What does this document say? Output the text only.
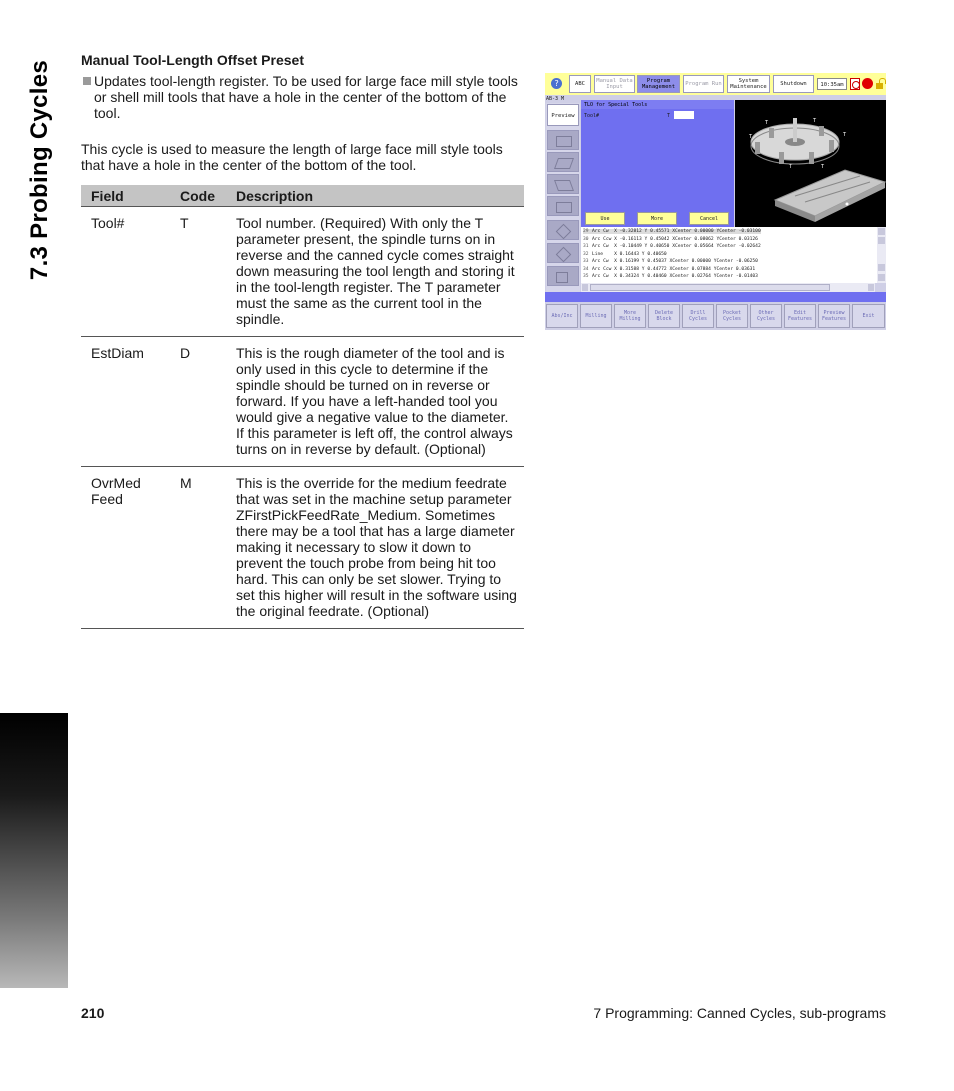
7.3 Probing Cycles Manual Tool-Length Offset Preset
Updates tool-length register. To be used for large face mill style tools or shell mill tools that have a hole in the center of the bottom of the tool.
This cycle is used to measure the length of large face mill style tools that have a hole in the center of the bottom of the tool.
Field	Code	Description
Tool#	T	Tool number. (Required) With only the T parameter present, the spindle turns on in reverse and the canned cycle comes straight down measuring the tool length and storing it in the tool-length register. The T parameter must the same as the current tool in the spindle.
EstDiam	D	This is the rough diameter of the tool and is only used in this cycle to determine if the spindle should be turned on in reverse or forward. If you have a left-handed tool you would give a negative value to the diameter. If this parameter is left off, the control always turns on in reverse by default. (Optional)
OvrMed Feed	M	This is the override for the medium feedrate that was set in the machine setup parameter ZFirstPickFeedRate_Medium. Sometimes there may be a tool that has a large diameter making it necessary to slow it down to prevent the touch probe from being hit too hard. This can only be set slower. Trying to set this higher will result in the software using the original feedrate. (Optional)
?	ABC	Manual Data Input
Program Management	Program Run	System Maintenance	Shutdown	10:35am
AB-3 M
Preview
TLO for Special Tools
Tool#	T
Use	More	Cancel
T	T
T
T
T	T
29 Arc Cw  X -0.32812 Y 0.45571 XCenter 0.00000 YCenter -0.03100
30 Arc Ccw X -0.16113 Y 0.45042 XCenter 0.08062 YCenter 0.03126
31 Arc Cw  X -0.10449 Y 0.40650 XCenter 0.05664 YCenter -0.02642
32 Line    X 0.16443 Y 0.40650
33 Arc Cw  X 0.16199 Y 0.45037 XCenter 0.00000 YCenter -0.06250
34 Arc Ccw X 0.31588 Y 0.44772 XCenter 0.07884 YCenter 0.03631
35 Arc Cw  X 0.34324 Y 0.40460 XCenter 0.02764 YCenter -0.01403
Abs/Inc	Milling	More Milling
Delete Block
Drill Cycles
Pocket Cycles
Other Cycles
Edit Features
Preview Features	Exit
210	7 Programming: Canned Cycles, sub-programs
